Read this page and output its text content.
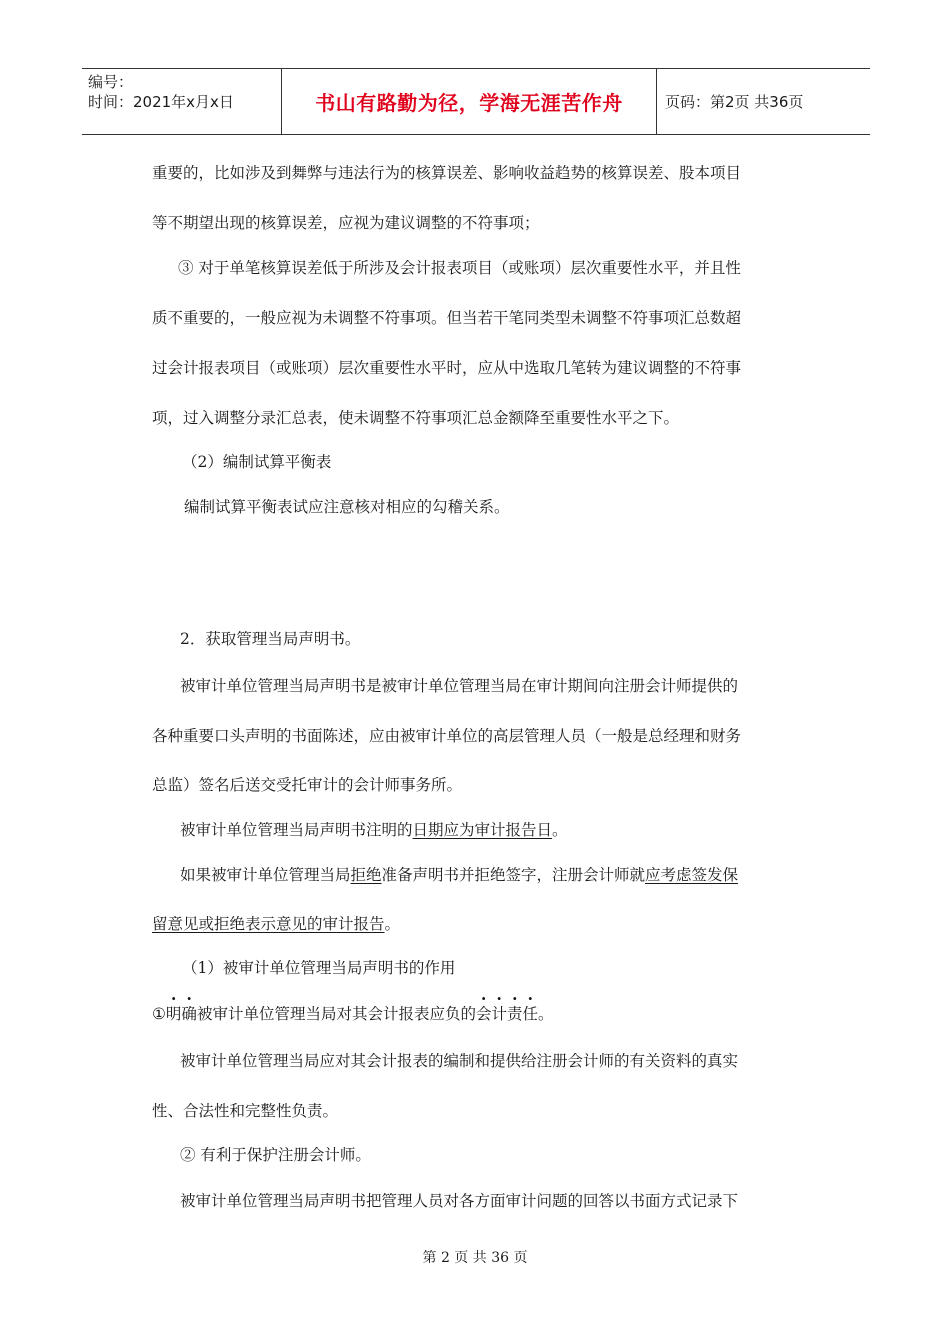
编号：
时间：2021年x月x日	书山有路勤为径，学海无涯苦作舟	页码：第2页 共36页

重要的，比如涉及到舞弊与违法行为的核算误差、影响收益趋势的核算误差、股本项目

等不期望出现的核算误差，应视为建议调整的不符事项；

③ 对于单笔核算误差低于所涉及会计报表项目（或账项）层次重要性水平，并且性

质不重要的，一般应视为未调整不符事项。但当若干笔同类型未调整不符事项汇总数超

过会计报表项目（或账项）层次重要性水平时，应从中选取几笔转为建议调整的不符事

项，过入调整分录汇总表，使未调整不符事项汇总金额降至重要性水平之下。

（2）编制试算平衡表

编制试算平衡表试应注意核对相应的勾稽关系。

2．获取管理当局声明书。

被审计单位管理当局声明书是被审计单位管理当局在审计期间向注册会计师提供的

各种重要口头声明的书面陈述，应由被审计单位的高层管理人员（一般是总经理和财务

总监）签名后送交受托审计的会计师事务所。

被审计单位管理当局声明书注明的日期应为审计报告日。

如果被审计单位管理当局拒绝准备声明书并拒绝签字，注册会计师就应考虑签发保

留意见或拒绝表示意见的审计报告。

（1）被审计单位管理当局声明书的作用

①明确被审计单位管理当局对其会计报表应负的会计责任。

被审计单位管理当局应对其会计报表的编制和提供给注册会计师的有关资料的真实

性、合法性和完整性负责。

② 有利于保护注册会计师。

被审计单位管理当局声明书把管理人员对各方面审计问题的回答以书面方式记录下

第 2 页 共 36 页
